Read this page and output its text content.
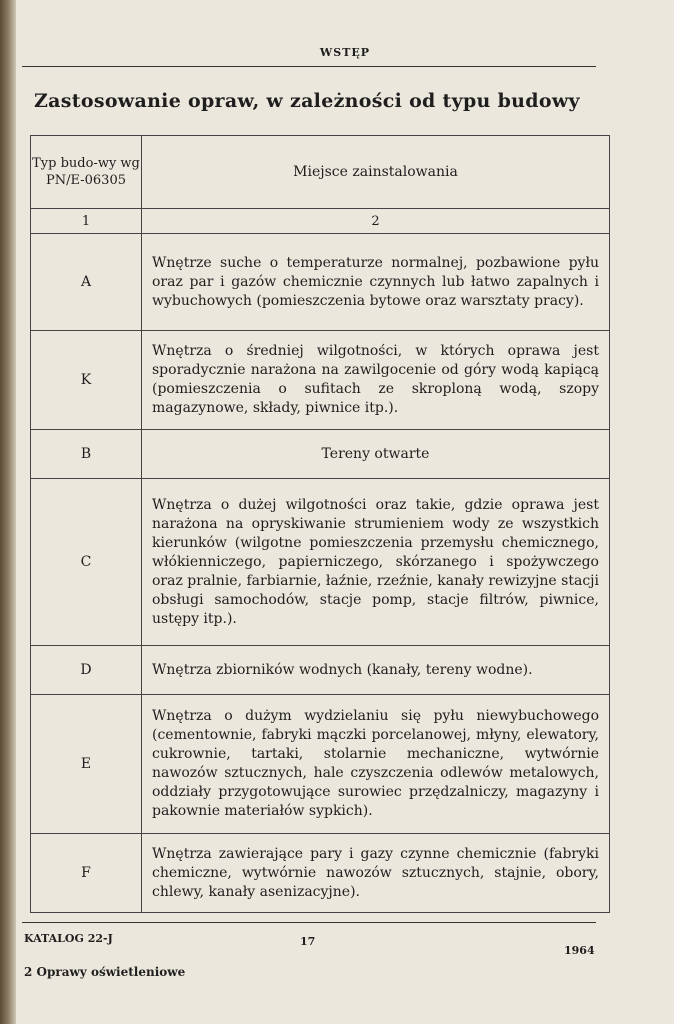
WSTĘP
Zastosowanie opraw, w zależności od typu budowy
Typ budo-wy wg PN/E-06305	Miejsce zainstalowania
1	2
A	Wnętrze suche o temperaturze normalnej, pozbawione pyłu oraz par i gazów chemicznie czynnych lub łatwo zapalnych i wybuchowych (pomieszczenia bytowe oraz warsztaty pracy).
K	Wnętrza o średniej wilgotności, w których oprawa jest sporadycznie narażona na zawilgocenie od góry wodą kapiącą (pomieszczenia o sufitach ze skroploną wodą, szopy magazynowe, składy, piwnice itp.).
B	Tereny otwarte
C	Wnętrza o dużej wilgotności oraz takie, gdzie oprawa jest narażona na opryskiwanie strumieniem wody ze wszystkich kierunków (wilgotne pomieszczenia przemysłu chemicznego, włókienniczego, papierniczego, skórzanego i spożywczego oraz pralnie, farbiarnie, łaźnie, rzeźnie, kanały rewizyjne stacji obsługi samochodów, stacje pomp, stacje filtrów, piwnice, ustępy itp.).
D	Wnętrza zbiorników wodnych (kanały, tereny wodne).
E	Wnętrza o dużym wydzielaniu się pyłu niewybuchowego (cementownie, fabryki mączki porcelanowej, młyny, elewatory, cukrownie, tartaki, stolarnie mechaniczne, wytwórnie nawozów sztucznych, hale czyszczenia odlewów metalowych, oddziały przygotowujące surowiec przędzalniczy, magazyny i pakownie materiałów sypkich).
F	Wnętrza zawierające pary i gazy czynne chemicznie (fabryki chemiczne, wytwórnie nawozów sztucznych, stajnie, obory, chlewy, kanały asenizacyjne).
KATALOG 22-J	17
1964
2 Oprawy oświetleniowe
